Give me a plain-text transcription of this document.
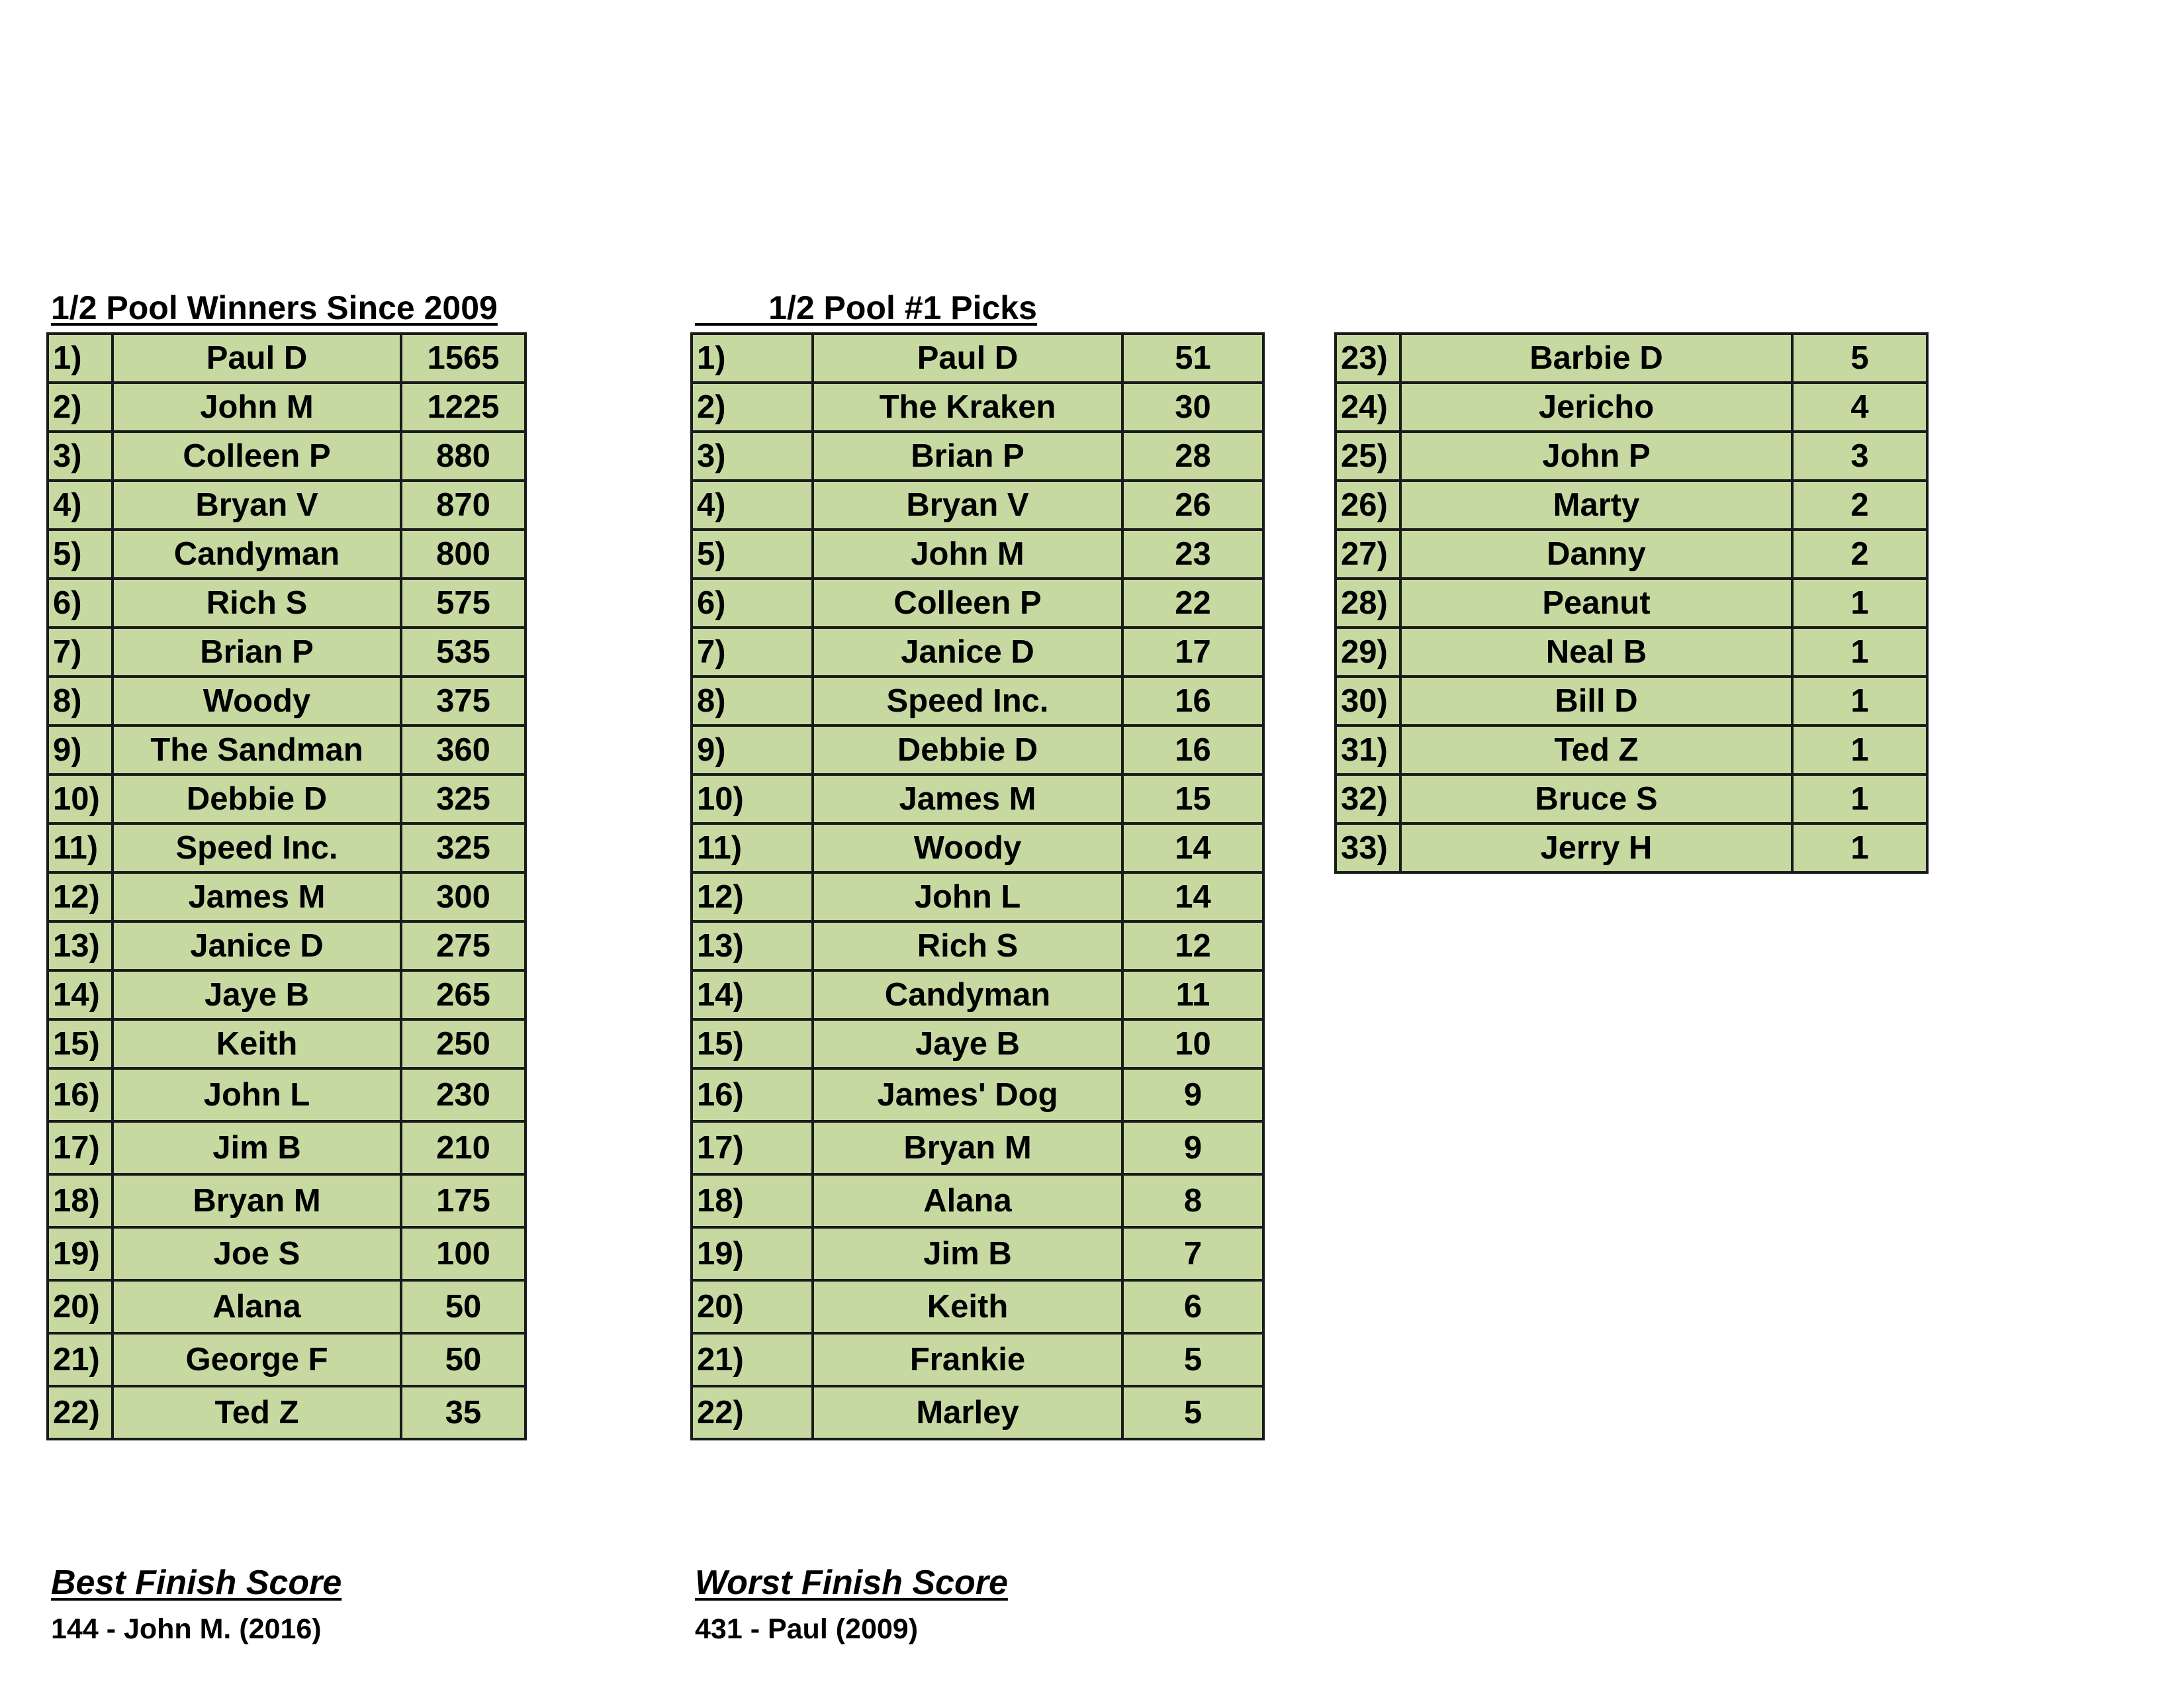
1/2 Pool Winners Since 2009	1/2 Pool #1 Picks
1)	Paul D	1565
2)	John M	1225
3)	Colleen P	880
4)	Bryan V	870
5)	Candyman	800
6)	Rich S	575
7)	Brian P	535
8)	Woody	375
9)	The Sandman	360
10)	Debbie D	325
11)	Speed Inc.	325
12)	James M	300
13)	Janice D	275
14)	Jaye B	265
15)	Keith	250
16)	John L	230
17)	Jim B	210
18)	Bryan M	175
19)	Joe S	100
20)	Alana	50
21)	George F	50
22)	Ted Z	35
1)	Paul D	51
2)	The Kraken	30
3)	Brian P	28
4)	Bryan V	26
5)	John M	23
6)	Colleen P	22
7)	Janice D	17
8)	Speed Inc.	16
9)	Debbie D	16
10)	James M	15
11)	Woody	14
12)	John L	14
13)	Rich S	12
14)	Candyman	11
15)	Jaye B	10
16)	James' Dog	9
17)	Bryan M	9
18)	Alana	8
19)	Jim B	7
20)	Keith	6
21)	Frankie	5
22)	Marley	5
23)	Barbie D	5
24)	Jericho	4
25)	John P	3
26)	Marty	2
27)	Danny	2
28)	Peanut	1
29)	Neal B	1
30)	Bill D	1
31)	Ted Z	1
32)	Bruce S	1
33)	Jerry H	1
Best Finish Score
144 - John M. (2016)
Worst Finish Score
431 - Paul (2009)
